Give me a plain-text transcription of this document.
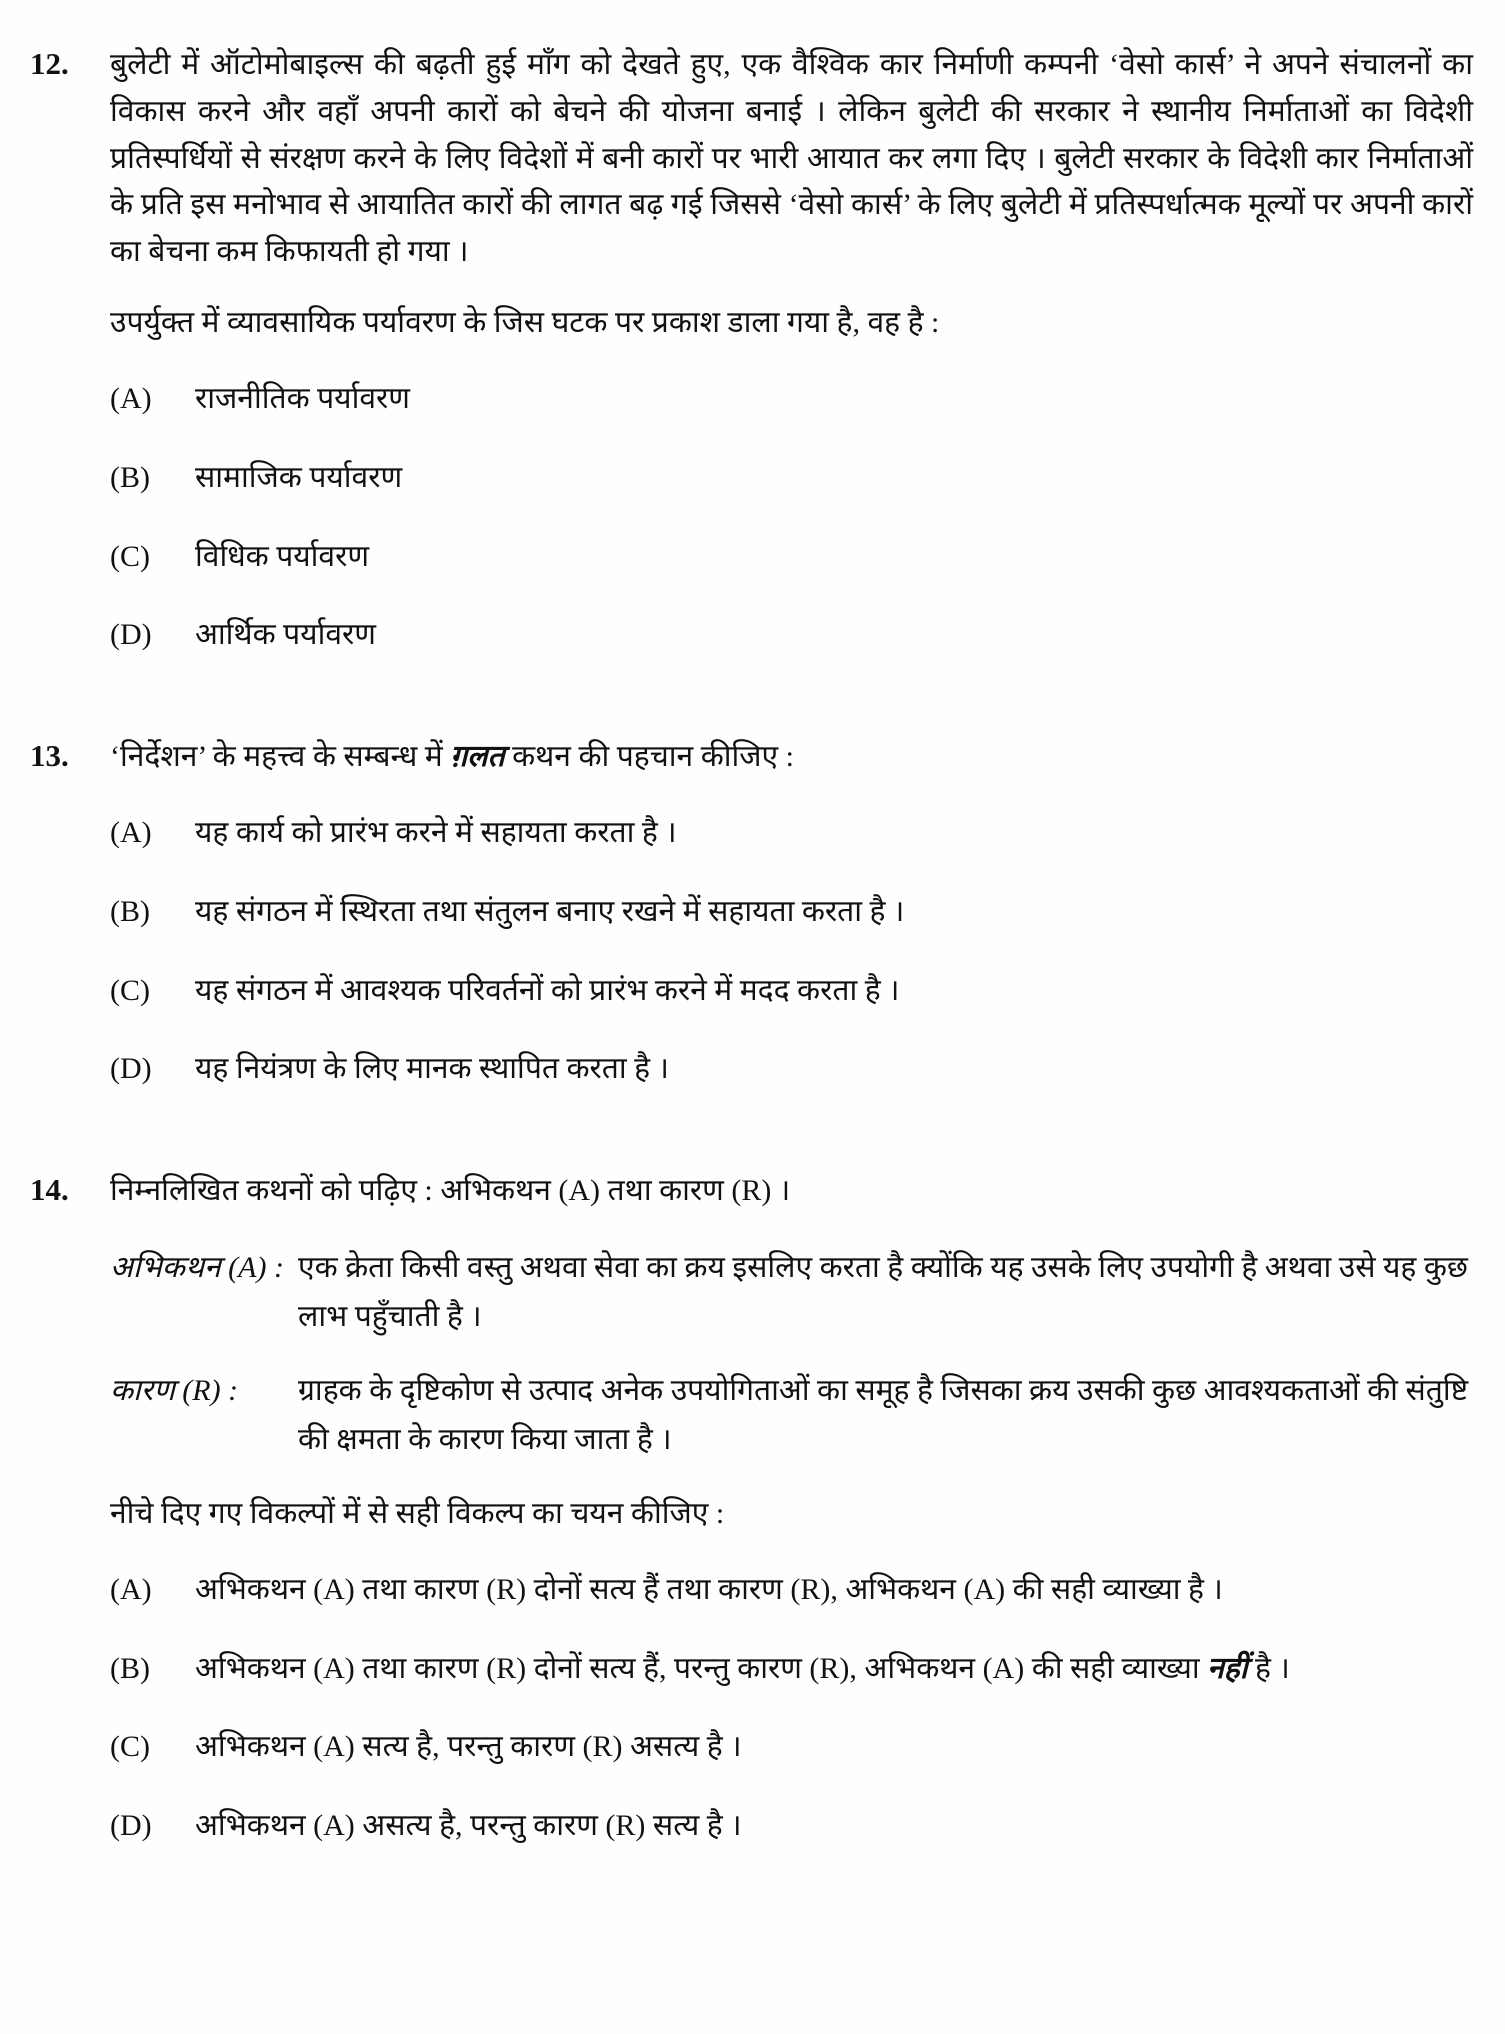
12.	बुलेटी में ऑटोमोबाइल्स की बढ़ती हुई माँग को देखते हुए, एक वैश्विक कार निर्माणी कम्पनी ‘वेसो कार्स’ ने अपने संचालनों का विकास करने और वहाँ अपनी कारों को बेचने की योजना बनाई । लेकिन बुलेटी की सरकार ने स्थानीय निर्माताओं का विदेशी प्रतिस्पर्धियों से संरक्षण करने के लिए विदेशों में बनी कारों पर भारी आयात कर लगा दिए । बुलेटी सरकार के विदेशी कार निर्माताओं के प्रति इस मनोभाव से आयातित कारों की लागत बढ़ गई जिससे ‘वेसो कार्स’ के लिए बुलेटी में प्रतिस्पर्धात्मक मूल्यों पर अपनी कारों का बेचना कम किफायती हो गया ।

उपर्युक्त में व्यावसायिक पर्यावरण के जिस घटक पर प्रकाश डाला गया है, वह है :

(A)	राजनीतिक पर्यावरण
(B)	सामाजिक पर्यावरण
(C)	विधिक पर्यावरण
(D)	आर्थिक पर्यावरण
13.	‘निर्देशन’ के महत्त्व के सम्बन्ध में ग़लत कथन की पहचान कीजिए :

(A)	यह कार्य को प्रारंभ करने में सहायता करता है ।
(B)	यह संगठन में स्थिरता तथा संतुलन बनाए रखने में सहायता करता है ।
(C)	यह संगठन में आवश्यक परिवर्तनों को प्रारंभ करने में मदद करता है ।
(D)	यह नियंत्रण के लिए मानक स्थापित करता है ।
14.	निम्नलिखित कथनों को पढ़िए : अभिकथन (A) तथा कारण (R) ।

अभिकथन (A) : एक क्रेता किसी वस्तु अथवा सेवा का क्रय इसलिए करता है क्योंकि यह उसके लिए उपयोगी है अथवा उसे यह कुछ लाभ पहुँचाती है ।
कारण (R) :	ग्राहक के दृष्टिकोण से उत्पाद अनेक उपयोगिताओं का समूह है जिसका क्रय उसकी कुछ आवश्यकताओं की संतुष्टि की क्षमता के कारण किया जाता है ।

नीचे दिए गए विकल्पों में से सही विकल्प का चयन कीजिए :

(A)	अभिकथन (A) तथा कारण (R) दोनों सत्य हैं तथा कारण (R), अभिकथन (A) की सही व्याख्या है ।
(B)	अभिकथन (A) तथा कारण (R) दोनों सत्य हैं, परन्तु कारण (R), अभिकथन (A) की सही व्याख्या नहीं है ।
(C)	अभिकथन (A) सत्य है, परन्तु कारण (R) असत्य है ।
(D)	अभिकथन (A) असत्य है, परन्तु कारण (R) सत्य है ।
